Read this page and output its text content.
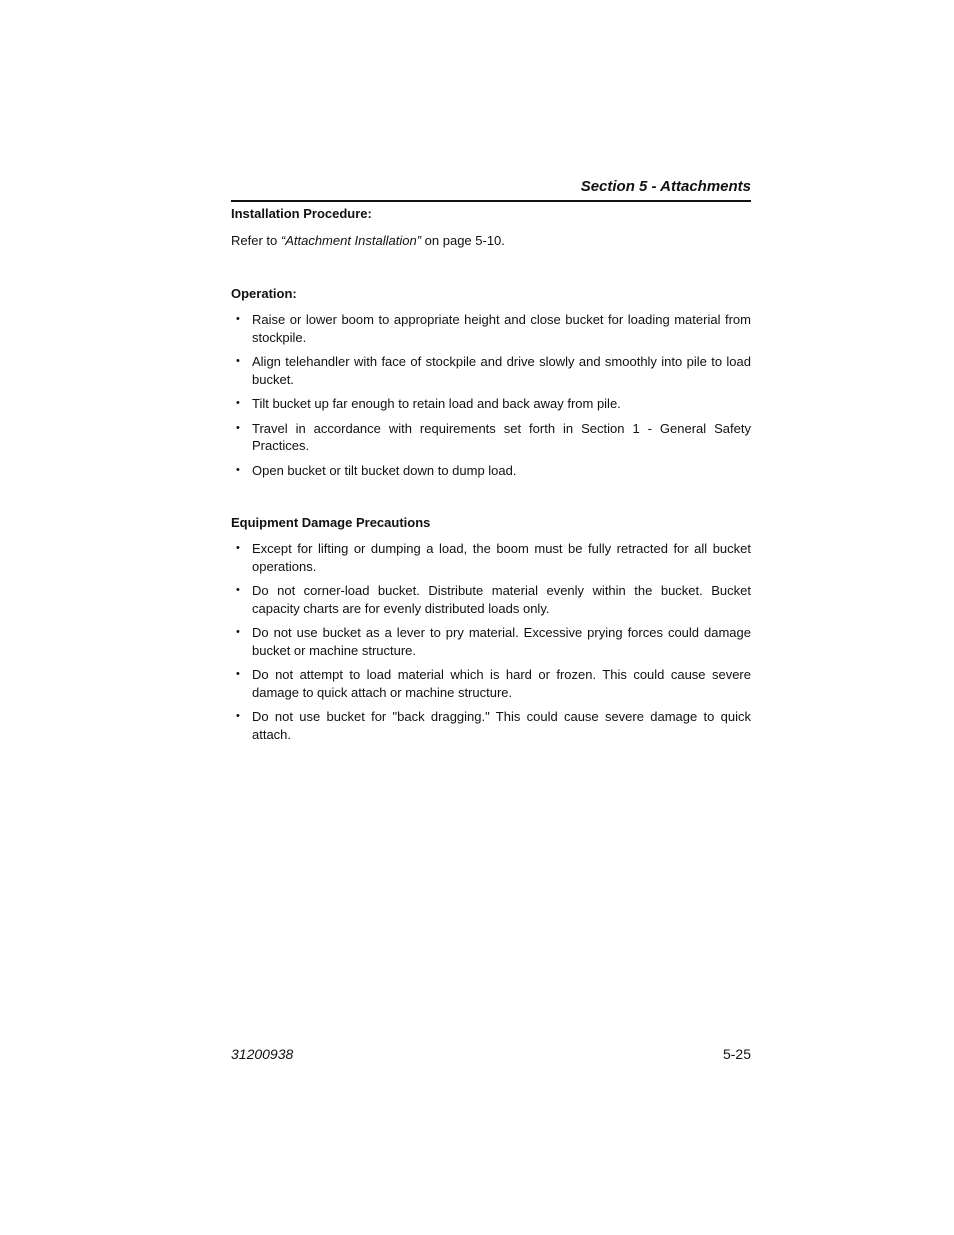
Section 5 - Attachments
Installation Procedure:
Refer to “Attachment Installation” on page 5-10.
Operation:
• Raise or lower boom to appropriate height and close bucket for loading material from stockpile.
• Align telehandler with face of stockpile and drive slowly and smoothly into pile to load bucket.
• Tilt bucket up far enough to retain load and back away from pile.
• Travel in accordance with requirements set forth in Section 1 - General Safety Practices.
• Open bucket or tilt bucket down to dump load.
Equipment Damage Precautions
• Except for lifting or dumping a load, the boom must be fully retracted for all bucket operations.
• Do not corner-load bucket. Distribute material evenly within the bucket. Bucket capacity charts are for evenly distributed loads only.
• Do not use bucket as a lever to pry material. Excessive prying forces could damage bucket or machine structure.
• Do not attempt to load material which is hard or frozen. This could cause severe damage to quick attach or machine structure.
• Do not use bucket for "back dragging." This could cause severe damage to quick attach.
31200938	5-25
